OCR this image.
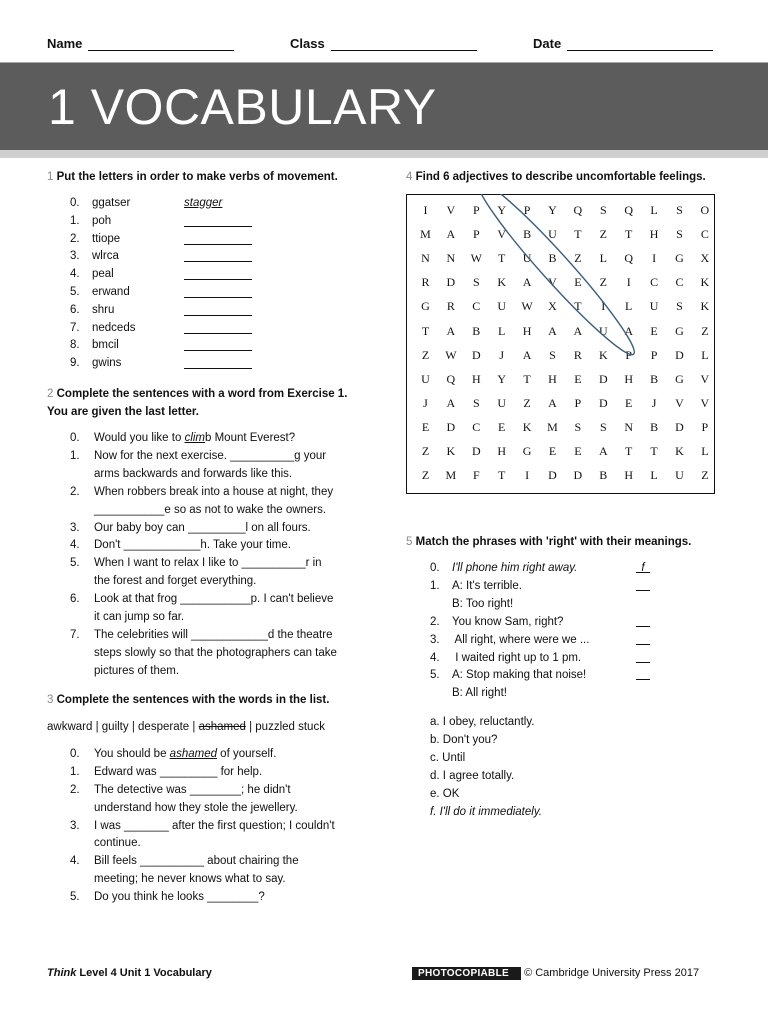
Name	Class	Date
1 VOCABULARY
1 Put the letters in order to make verbs of movement.
0.	ggatser	stagger
1.	poh
2.	ttiope
3.	wlrca
4.	peal
5.	erwand
6.	shru
7.	nedceds
8.	bmcil
9.	gwins
2 Complete the sentences with a word from Exercise 1.
You are given the last letter.
0. Would you like to climb Mount Everest?
1. Now for the next exercise. __________g your
arms backwards and forwards like this.
2. When robbers break into a house at night, they
___________e so as not to wake the owners.
3. Our baby boy can _________l on all fours.
4. Don't ____________h. Take your time.
5. When I want to relax I like to __________r in
the forest and forget everything.
6. Look at that frog ___________p. I can't believe
it can jump so far.
7. The celebrities will ____________d the theatre
steps slowly so that the photographers can take
pictures of them.
3 Complete the sentences with the words in the list.
awkward | guilty | desperate | ashamed | puzzled stuck
0. You should be ashamed of yourself.
1. Edward was _________ for help.
2. The detective was ________; he didn't
understand how they stole the jewellery.
3. I was _______ after the first question; I couldn't
continue.
4. Bill feels __________ about chairing the
meeting; he never knows what to say.
5. Do you think he looks ________?
4 Find 6 adjectives to describe uncomfortable feelings.
I	V	P	Y	P	Y	Q	S	Q	L	S	O
M	A	P	V	B	U	T	Z	T	H	S	C
N	N	W	T	U	B	Z	L	Q	I	G	X
R	D	S	K	A	V	E	Z	I	C	C	K
G	R	C	U	W	X	T	I	L	U	S	K
T	A	B	L	H	A	A	U	A	E	G	Z
Z	W	D	J	A	S	R	K	P	P	D	L
U	Q	H	Y	T	H	E	D	H	B	G	V
J	A	S	U	Z	A	P	D	E	J	V	V
E	D	C	E	K	M	S	S	N	B	D	P
Z	K	D	H	G	E	E	A	T	T	K	L
Z	M	F	T	I	D	D	B	H	L	U	Z
5 Match the phrases with 'right' with their meanings.
0. I'll phone him right away.	f
1. A: It's terrible.
B: Too right!
2. You know Sam, right?
3. All right, where were we ...
4. I waited right up to 1 pm.
5. A: Stop making that noise!
B: All right!
a. I obey, reluctantly.
b. Don't you?
c. Until
d. I agree totally.
e. OK
f. I'll do it immediately.
Think Level 4 Unit 1 Vocabulary	PHOTOCOPIABLE © Cambridge University Press 2017
